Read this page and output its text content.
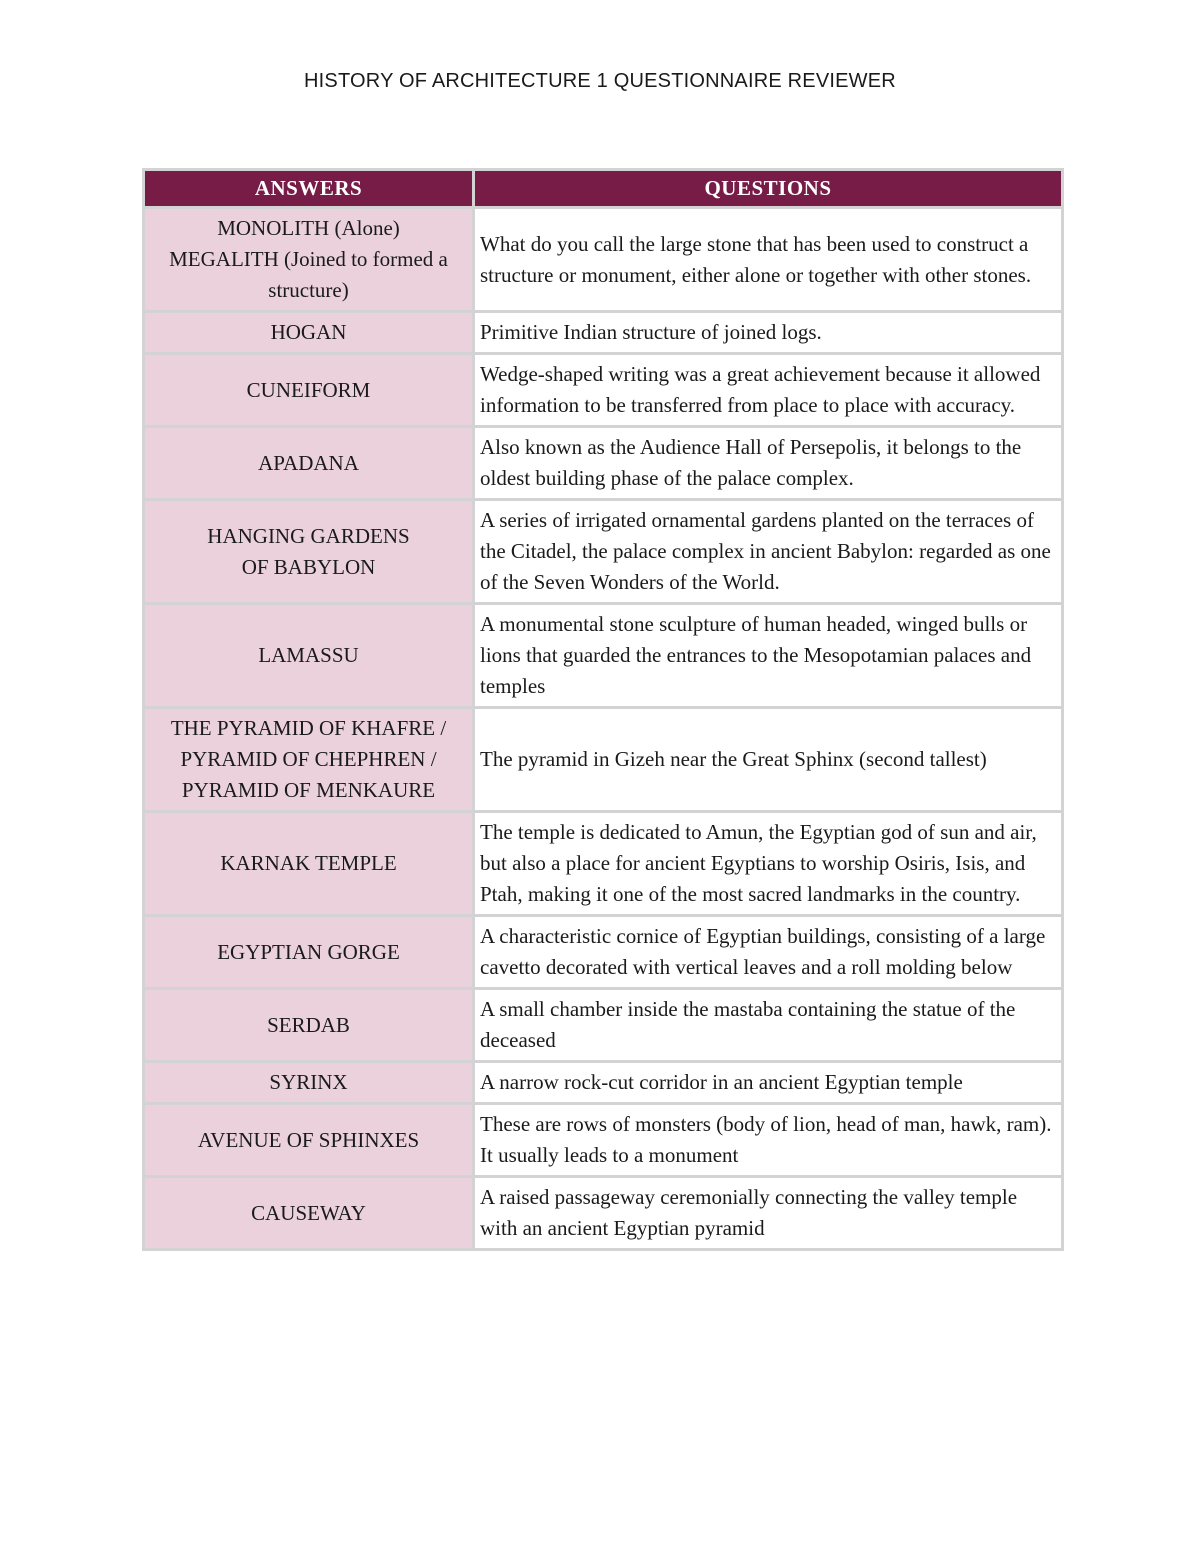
HISTORY OF ARCHITECTURE 1 QUESTIONNAIRE REVIEWER
ANSWERS	QUESTIONS
MONOLITH (Alone)
MEGALITH (Joined to formed a
structure)	What do you call the large stone that has been used to construct a structure or monument, either alone or together with other stones.
HOGAN	Primitive Indian structure of joined logs.
CUNEIFORM	Wedge-shaped writing was a great achievement because it allowed information to be transferred from place to place with accuracy.
APADANA	Also known as the Audience Hall of Persepolis, it belongs to the oldest building phase of the palace complex.
HANGING GARDENS
OF BABYLON	A series of irrigated ornamental gardens planted on the terraces of the Citadel, the palace complex in ancient Babylon: regarded as one of the Seven Wonders of the World.
LAMASSU	A monumental stone sculpture of human headed, winged bulls or lions that guarded the entrances to the Mesopotamian palaces and temples
THE PYRAMID OF KHAFRE /
PYRAMID OF CHEPHREN /
PYRAMID OF MENKAURE	The pyramid in Gizeh near the Great Sphinx (second tallest)
KARNAK TEMPLE	The temple is dedicated to Amun, the Egyptian god of sun and air, but also a place for ancient Egyptians to worship Osiris, Isis, and Ptah, making it one of the most sacred landmarks in the country.
EGYPTIAN GORGE	A characteristic cornice of Egyptian buildings, consisting of a large cavetto decorated with vertical leaves and a roll molding below
SERDAB	A small chamber inside the mastaba containing the statue of the deceased
SYRINX	A narrow rock-cut corridor in an ancient Egyptian temple
AVENUE OF SPHINXES	These are rows of monsters (body of lion, head of man, hawk, ram). It usually leads to a monument
CAUSEWAY	A raised passageway ceremonially connecting the valley temple with an ancient Egyptian pyramid
